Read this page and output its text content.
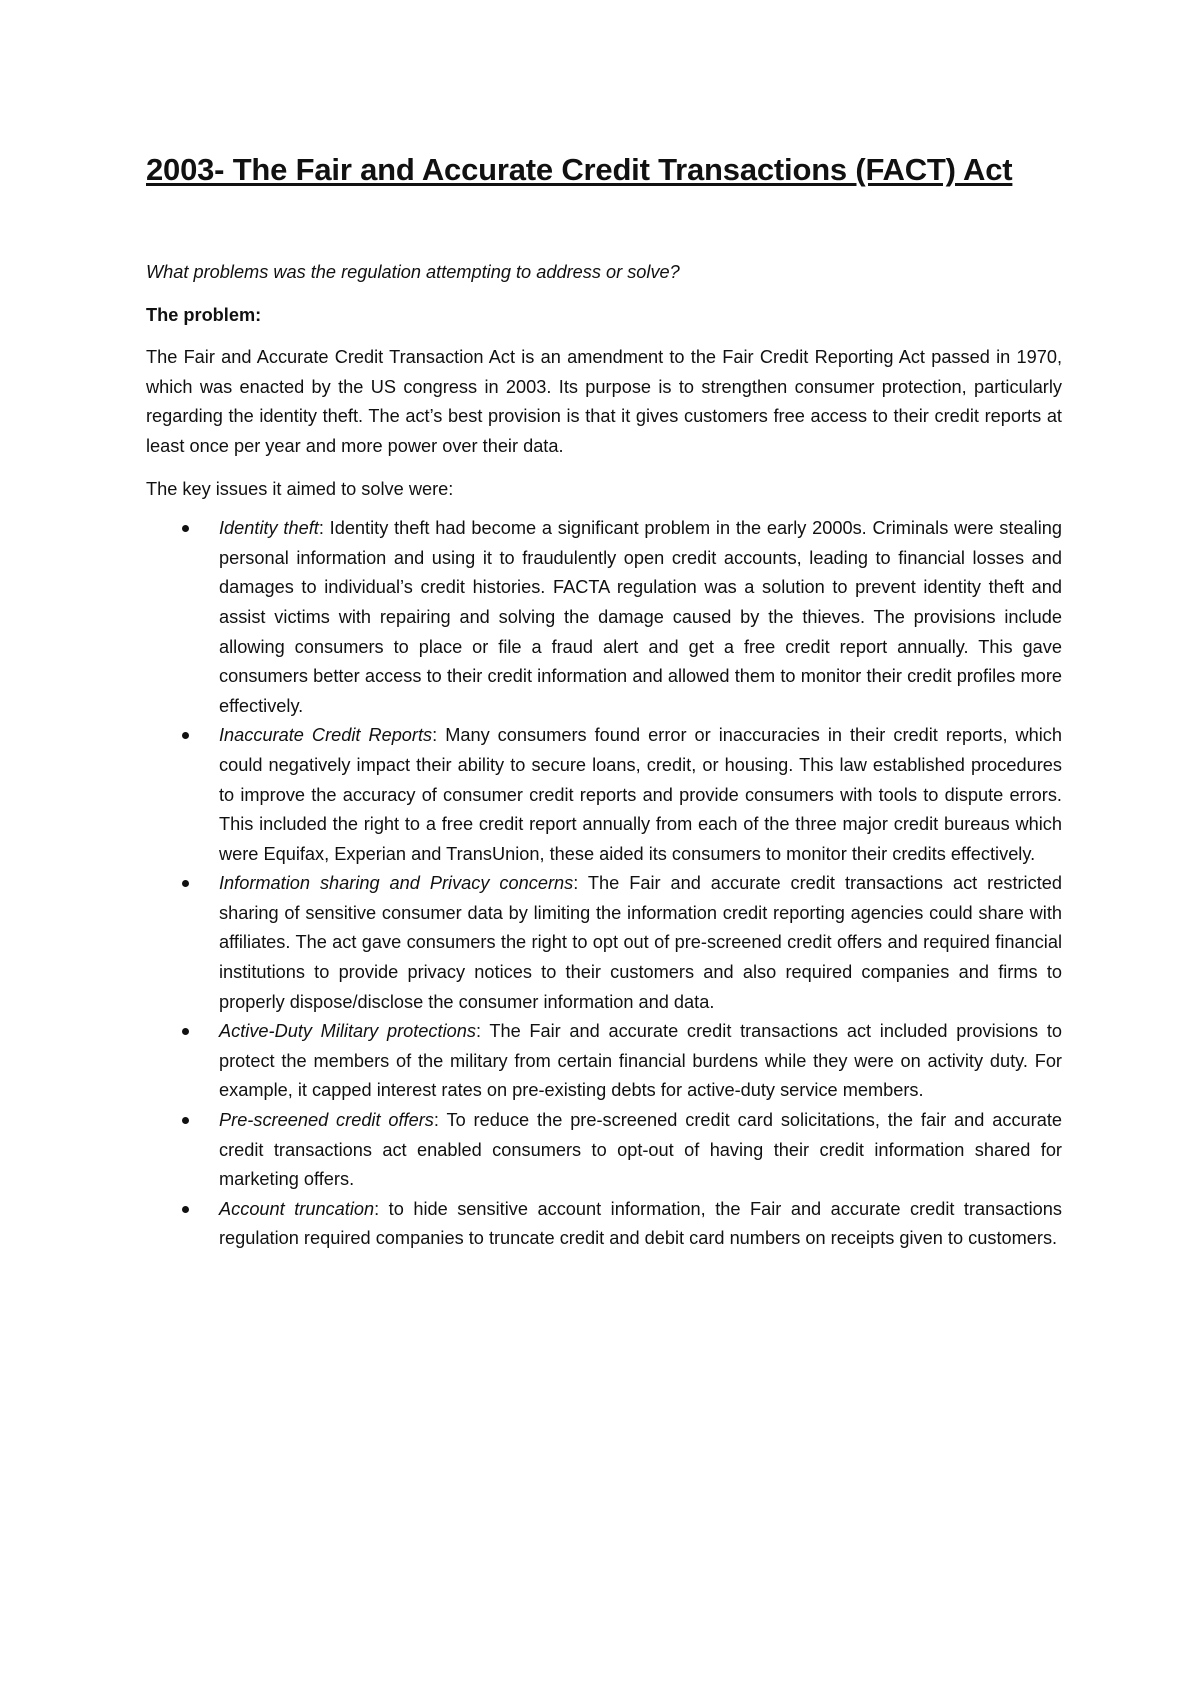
2003- The Fair and Accurate Credit Transactions (FACT) Act

What problems was the regulation attempting to address or solve?

The problem:

The Fair and Accurate Credit Transaction Act is an amendment to the Fair Credit Reporting Act passed in 1970, which was enacted by the US congress in 2003. Its purpose is to strengthen consumer protection, particularly regarding the identity theft. The act’s best provision is that it gives customers free access to their credit reports at least once per year and more power over their data.

The key issues it aimed to solve were:

Identity theft: Identity theft had become a significant problem in the early 2000s. Criminals were stealing personal information and using it to fraudulently open credit accounts, leading to financial losses and damages to individual’s credit histories. FACTA regulation was a solution to prevent identity theft and assist victims with repairing and solving the damage caused by the thieves. The provisions include allowing consumers to place or file a fraud alert and get a free credit report annually. This gave consumers better access to their credit information and allowed them to monitor their credit profiles more effectively.
Inaccurate Credit Reports: Many consumers found error or inaccuracies in their credit reports, which could negatively impact their ability to secure loans, credit, or housing. This law established procedures to improve the accuracy of consumer credit reports and provide consumers with tools to dispute errors. This included the right to a free credit report annually from each of the three major credit bureaus which were Equifax, Experian and TransUnion, these aided its consumers to monitor their credits effectively.
Information sharing and Privacy concerns: The Fair and accurate credit transactions act restricted sharing of sensitive consumer data by limiting the information credit reporting agencies could share with affiliates. The act gave consumers the right to opt out of pre-screened credit offers and required financial institutions to provide privacy notices to their customers and also required companies and firms to properly dispose/disclose the consumer information and data.
Active-Duty Military protections: The Fair and accurate credit transactions act included provisions to protect the members of the military from certain financial burdens while they were on activity duty. For example, it capped interest rates on pre-existing debts for active-duty service members.
Pre-screened credit offers: To reduce the pre-screened credit card solicitations, the fair and accurate credit transactions act enabled consumers to opt-out of having their credit information shared for marketing offers.
Account truncation: to hide sensitive account information, the Fair and accurate credit transactions regulation required companies to truncate credit and debit card numbers on receipts given to customers.
